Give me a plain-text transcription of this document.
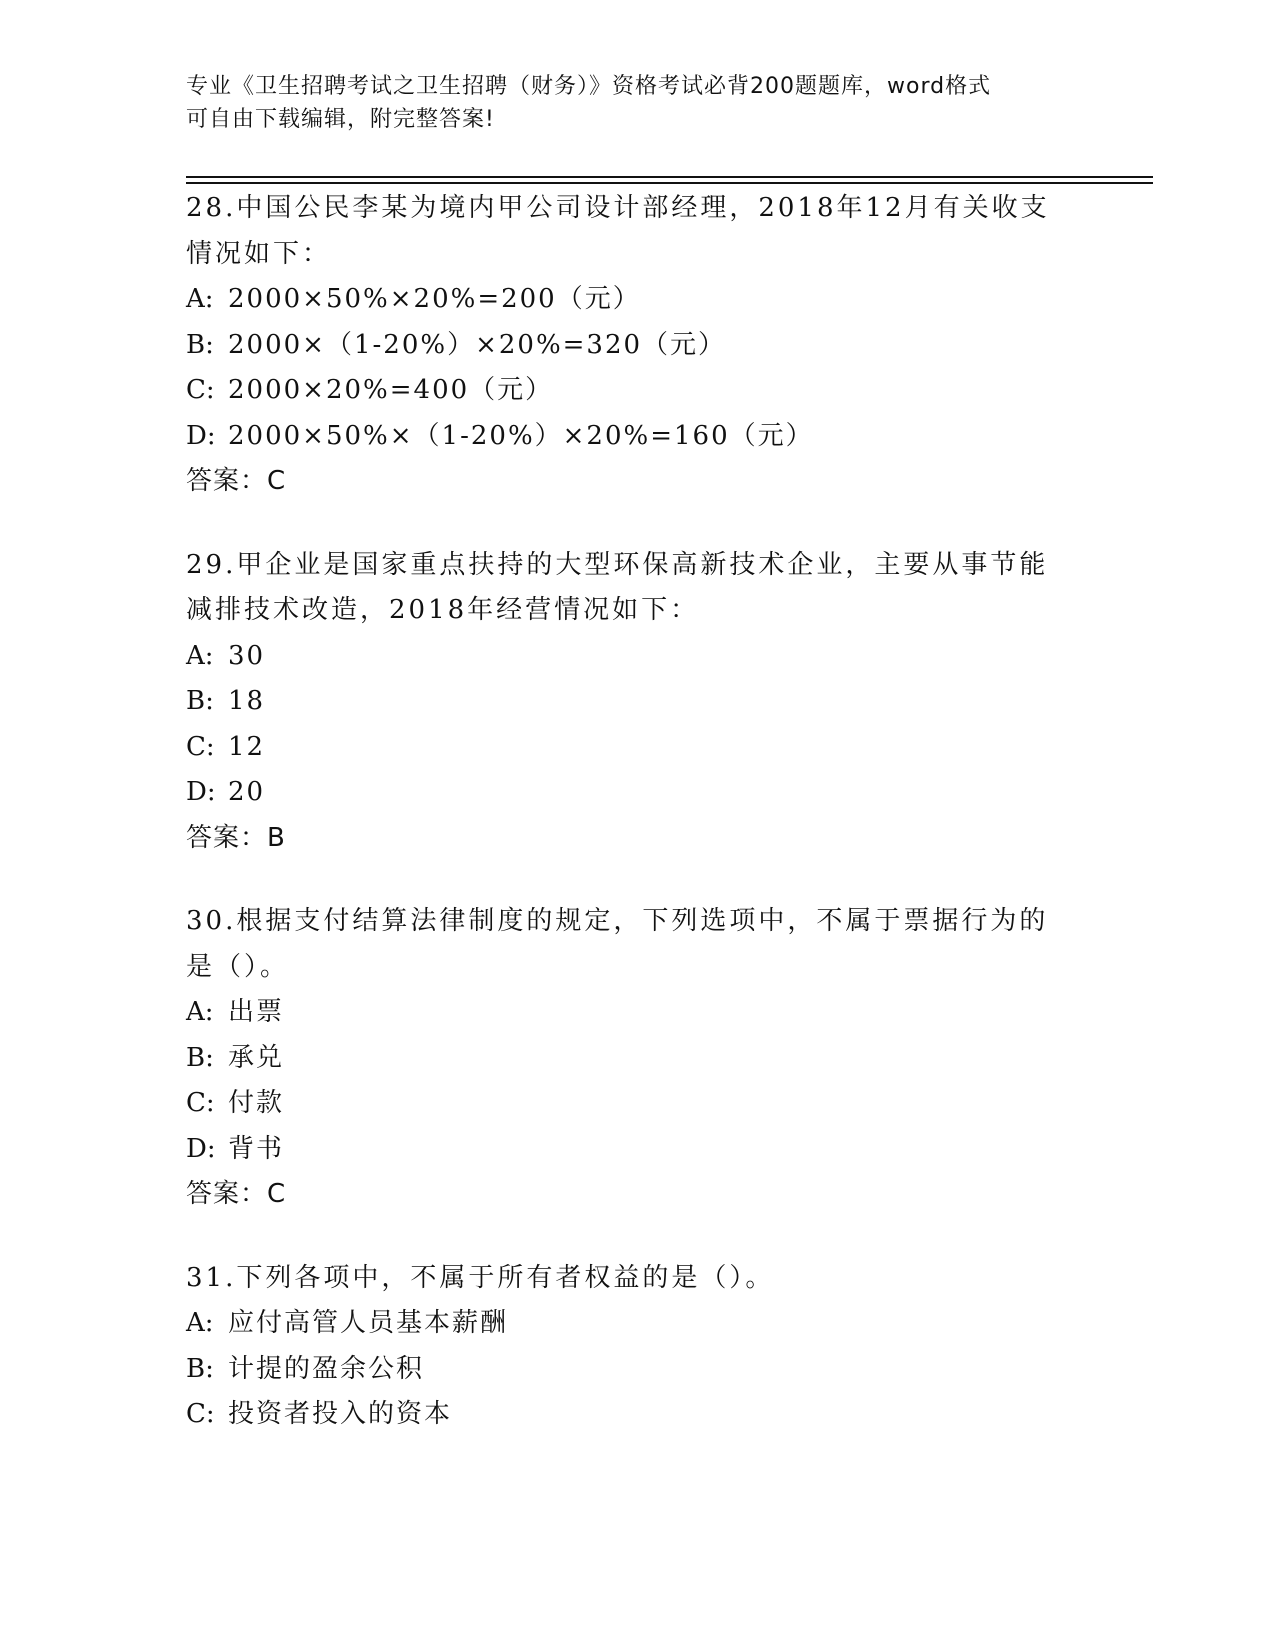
专业《卫生招聘考试之卫生招聘（财务）》资格考试必背200题题库，word格式
可自由下载编辑，附完整答案!
28.中国公民李某为境内甲公司设计部经理，2018年12月有关收支情况如下：
A: 2000×50%×20%=200（元）
B: 2000×（1-20%）×20%=320（元）
C: 2000×20%=400（元）
D: 2000×50%×（1-20%）×20%=160（元）
答案：C
29.甲企业是国家重点扶持的大型环保高新技术企业，主要从事节能减排技术改造，2018年经营情况如下：
A: 30
B: 18
C: 12
D: 20
答案：B
30.根据支付结算法律制度的规定，下列选项中，不属于票据行为的是（）。
A: 出票
B: 承兑
C: 付款
D: 背书
答案：C
31.下列各项中，不属于所有者权益的是（）。
A: 应付高管人员基本薪酬
B: 计提的盈余公积
C: 投资者投入的资本
